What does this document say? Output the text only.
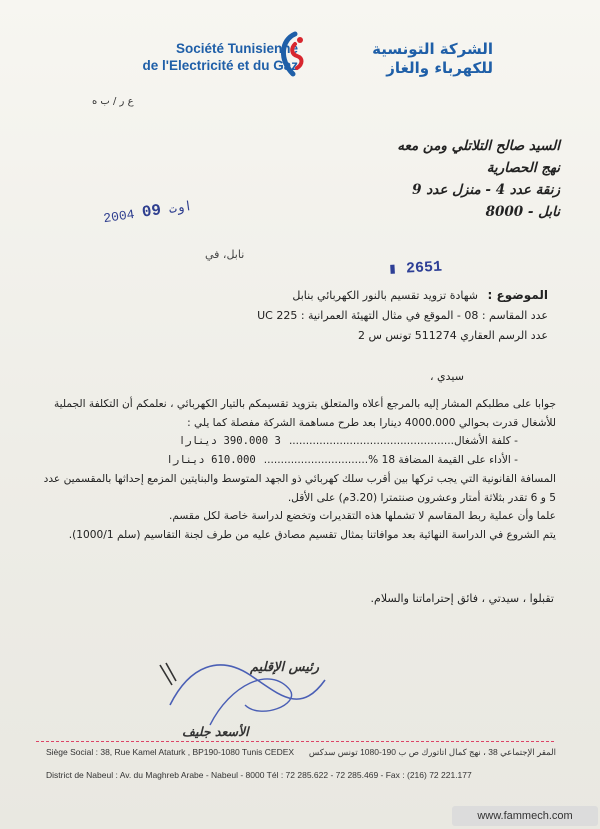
Société Tunisienne
de l'Electricité et du Gaz
الشركة التونسية
للكهرباء والغاز
ع ر / ب ه
السيد صالح التلاتلي ومن معه
نهج الحصارية
زنقة عدد 4 - منزل عدد 9
نابل - 8000
2004 اوت 09
نابل، في
▮ 2651
الموضوع : شهادة تزويد تقسيم بالنور الكهربائي بنابل
عدد المقاسم : 08 - الموقع في مثال التهيئة العمرانية : UC 225
عدد الرسم العقاري 511274 تونس س 2
سيدي ،

جوابا على مطلبكم المشار إليه بالمرجع أعلاه والمتعلق بتزويد تقسيمكم بالتيار الكهربائي ، نعلمكم أن التكلفة الجملية للأشغال قدرت بحوالي 4000.000 دينارا بعد طرح مساهمة الشركة مفصلة كما يلي :

- كلفة الأشغال.................................................
3 390.000 دينارا
- الأداء على القيمة المضافة 18 %...............................
610.000 دينارا

المسافة القانونية التي يجب تركها بين أقرب سلك كهربائي ذو الجهد المتوسط والبنايتين المزمع إحداثها بالمقسمين عدد 5 و 6 تقدر بثلاثة أمتار وعشرون صنتمترا (3.20م) على الأقل.

علما وأن عملية ربط المقاسم لا تشملها هذه التقديرات وتخضع لدراسة خاصة لكل مقسم.

يتم الشروع في الدراسة النهائية بعد موافاتنا بمثال تقسيم مصادق عليه من طرف لجنة التقاسيم (سلم 1000/1).

تقبلوا ، سيدتي ، فائق إحتراماتنا والسلام.
رئيس الإقليم
الأسعد جليف
Siège Social : 38, Rue Kamel Ataturk , BP190-1080 Tunis CEDEX المقر الإجتماعي 38 ، نهج كمال اتاتورك ص ب 190-1080 تونس سدكس
District de Nabeul : Av. du Maghreb Arabe - Nabeul - 8000 Tél : 72 285.622 - 72 285.469 - Fax : (216) 72 221.177
www.fammech.com
